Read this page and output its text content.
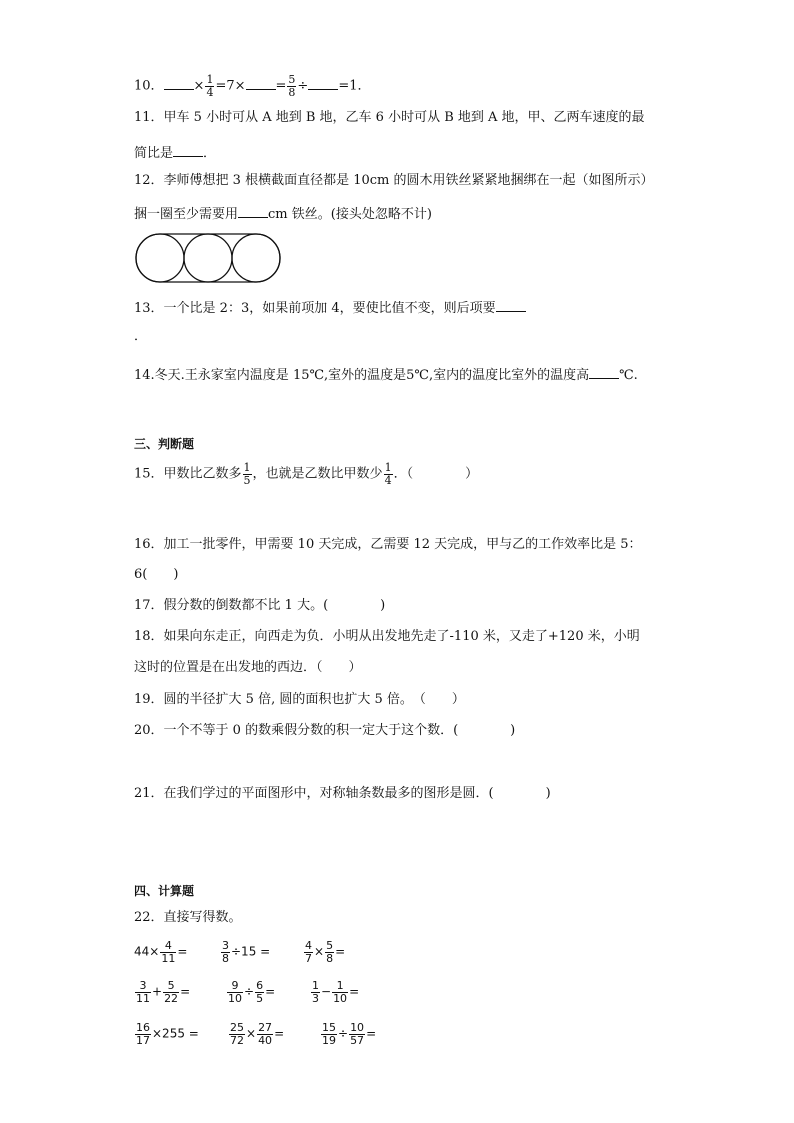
10． × $\frac{1}{4} =7\times = \frac{5}{8} \div =1$．
11．甲车 5 小时可从 A 地到 B 地，乙车 6 小时可从 B 地到 A 地，甲、乙两车速度的最
简比是 ．
12．李师傅想把 3 根横截面直径都是 10cm 的圆木用铁丝紧紧地捆绑在一起（如图所示）
捆一圈至少需要用 cm 铁丝。(接头处忽略不计)
13．一个比是 2：3，如果前项加 4，要使比值不变，则后项要
．
14.冬天.王永家室内温度是 15℃,室外的温度是5℃,室内的温度比室外的温度高 ℃.
三、判断题
15．甲数比乙数多 $\frac{1}{5}$ ，也就是乙数比甲数少 $\frac{1}{4}$ ．（　　　　）
16．加工一批零件，甲需要 10 天完成，乙需要 12 天完成，甲与乙的工作效率比是 5：
6(　　)
17．假分数的倒数都不比 1 大。(　　　　)
18．如果向东走正，向西走为负．小明从出发地先走了-110 米，又走了+120 米，小明
这时的位置是在出发地的西边．（　　）
19．圆的半径扩大 5 倍, 圆的面积也扩大 5 倍。　（　　）
20．一个不等于 0 的数乘假分数的积一定大于这个数．(　　　　)
21．在我们学过的平面图形中，对称轴条数最多的图形是圆．(　　　　)
四、计算题
22．直接写得数。
$44\times \frac{4}{11}$ =	$\frac{3}{8} \div 15$ =	$\frac{4}{7} \times \frac{5}{8}$ =
$\frac{3}{11} + \frac{5}{22}$ =	$\frac{9}{10} \div \frac{6}{5}$ =	$\frac{1}{3} - \frac{1}{10}$ =
$\frac{16}{17} \times 255$ =	$\frac{25}{72} \times \frac{27}{40}$ =	$\frac{15}{19} \div \frac{10}{57}$ =
